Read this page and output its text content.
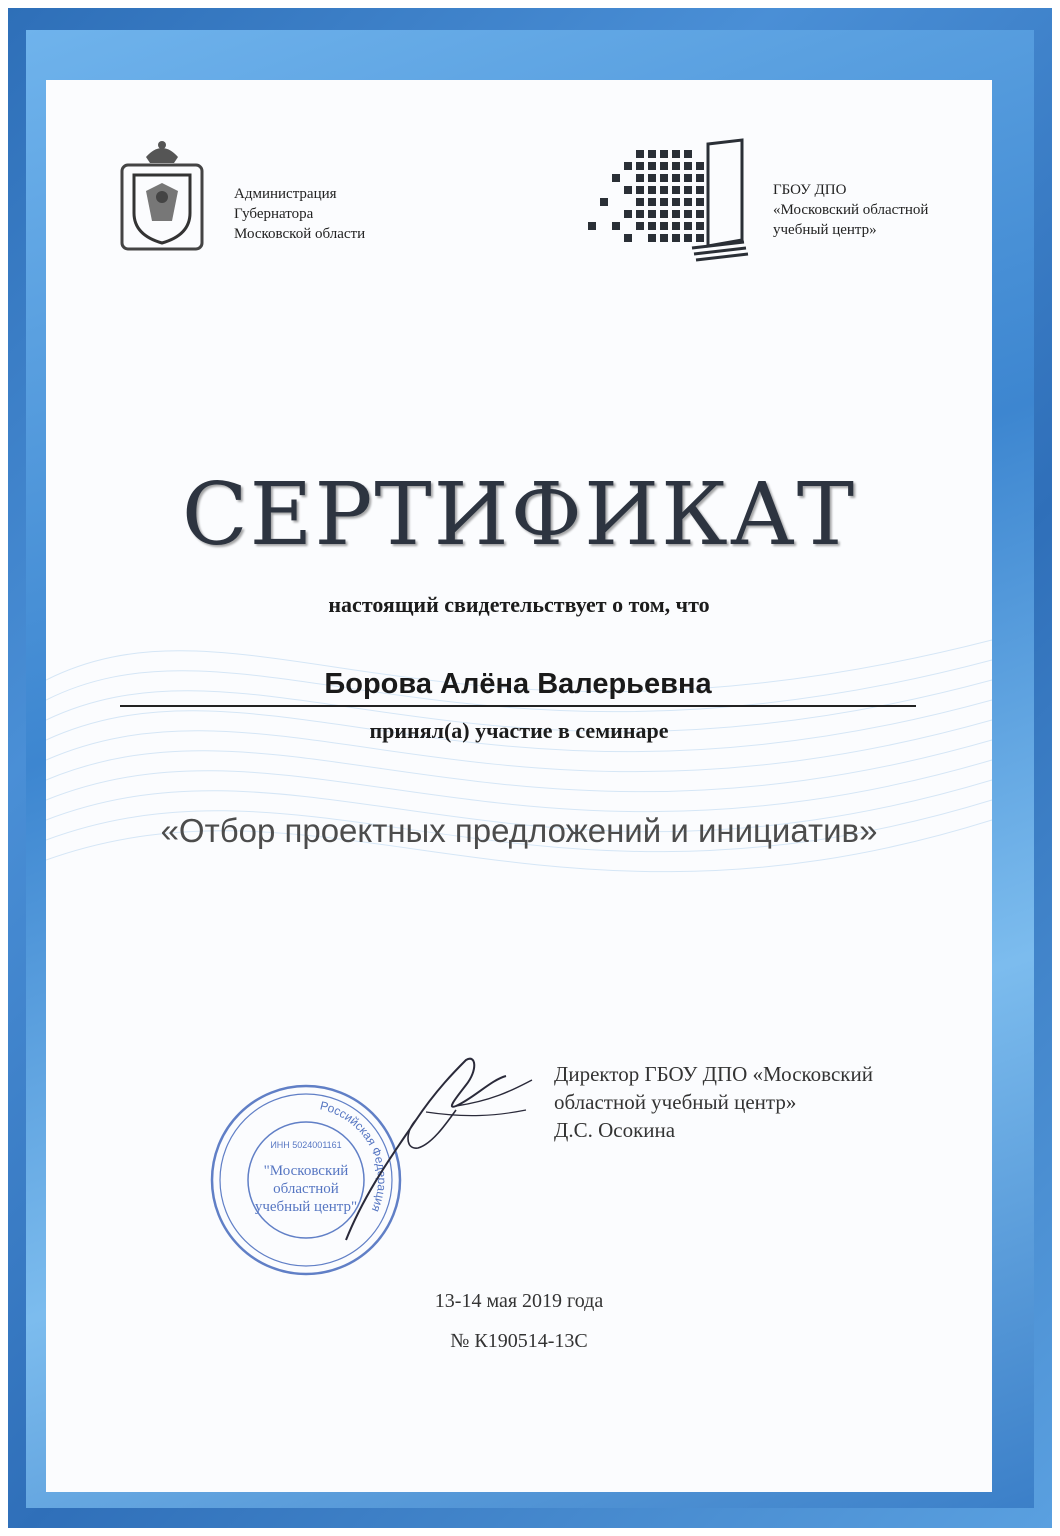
Администрация
Губернатора
Московской области
ГБОУ ДПО
«Московский областной
учебный центр»
СЕРТИФИКАТ
настоящий свидетельствует о том, что
Борова Алёна Валерьевна
принял(а) участие в семинаре
«Отбор проектных предложений и инициатив»
Директор ГБОУ ДПО «Московский
областной учебный центр»
Д.С. Осокина
Российская Федерация
ИНН 5024001161
"Московский
областной
учебный центр"
13-14 мая 2019 года
№ К190514-13С
